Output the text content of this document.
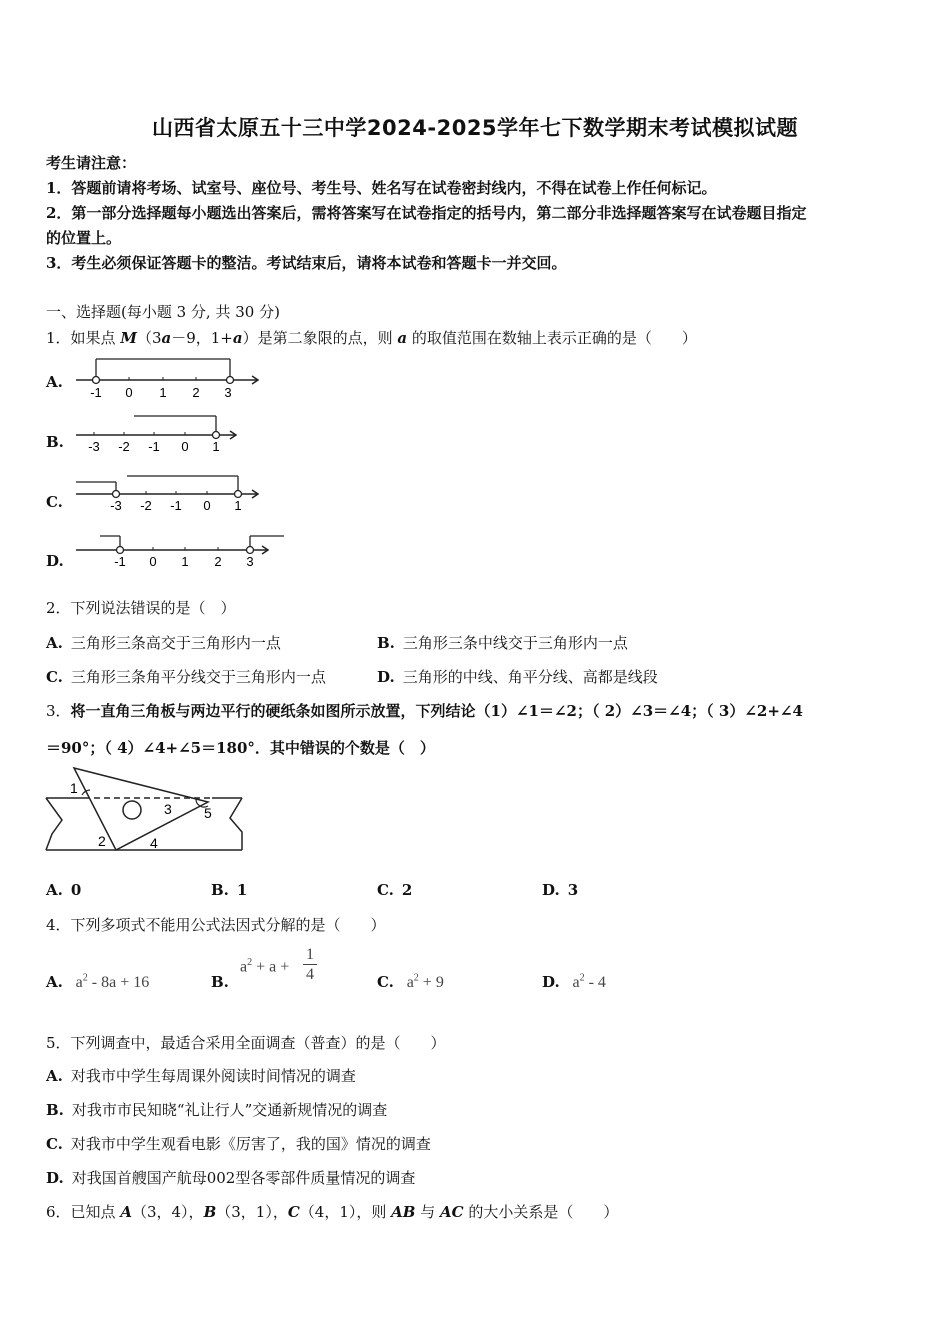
山西省太原五十三中学2024-2025学年七下数学期末考试模拟试题
考生请注意：
1．答题前请将考场、试室号、座位号、考生号、姓名写在试卷密封线内，不得在试卷上作任何标记。
2．第一部分选择题每小题选出答案后，需将答案写在试卷指定的括号内，第二部分非选择题答案写在试卷题目指定
的位置上。
3．考生必须保证答题卡的整洁。考试结束后，请将本试卷和答题卡一并交回。
一、选择题(每小题 3 分, 共 30 分)
1．如果点 M（3a－9，1+a）是第二象限的点，则 a 的取值范围在数轴上表示正确的是（　　）
A.
-1 0 1 2 3
B. -3 -2 -1 0 1
C.	-3 -2 -1 0 1
D.	-1 0 1 2 3
2．下列说法错误的是（　）
A. 三角形三条高交于三角形内一点	B. 三角形三条中线交于三角形内一点
C. 三角形三条角平分线交于三角形内一点	D. 三角形的中线、角平分线、高都是线段
3．将一直角三角板与两边平行的硬纸条如图所示放置，下列结论（1）∠1＝∠2；（ 2）∠3＝∠4；（ 3）∠2+∠4
＝90°；（ 4）∠4+∠5＝180°．其中错误的个数是（　）
1
2
3
4
5
A. 0	B. 1	C. 2	D. 3
4．下列多项式不能用公式法因式分解的是（　　）
A. $a^2 - 8a + 16$	B.
$a^2 + a$ +
1
4	C. $a^2 + 9$	D. $a^2 - 4$
5．下列调查中，最适合采用全面调查（普查）的是（　　）
A. 对我市中学生每周课外阅读时间情况的调查
B. 对我市市民知晓“礼让行人”交通新规情况的调查
C. 对我市中学生观看电影《厉害了，我的国》情况的调查
D. 对我国首艘国产航母002型各零部件质量情况的调查
6．已知点 A（3，4），B（3，1），C（4，1），则 AB 与 AC 的大小关系是（　　）
